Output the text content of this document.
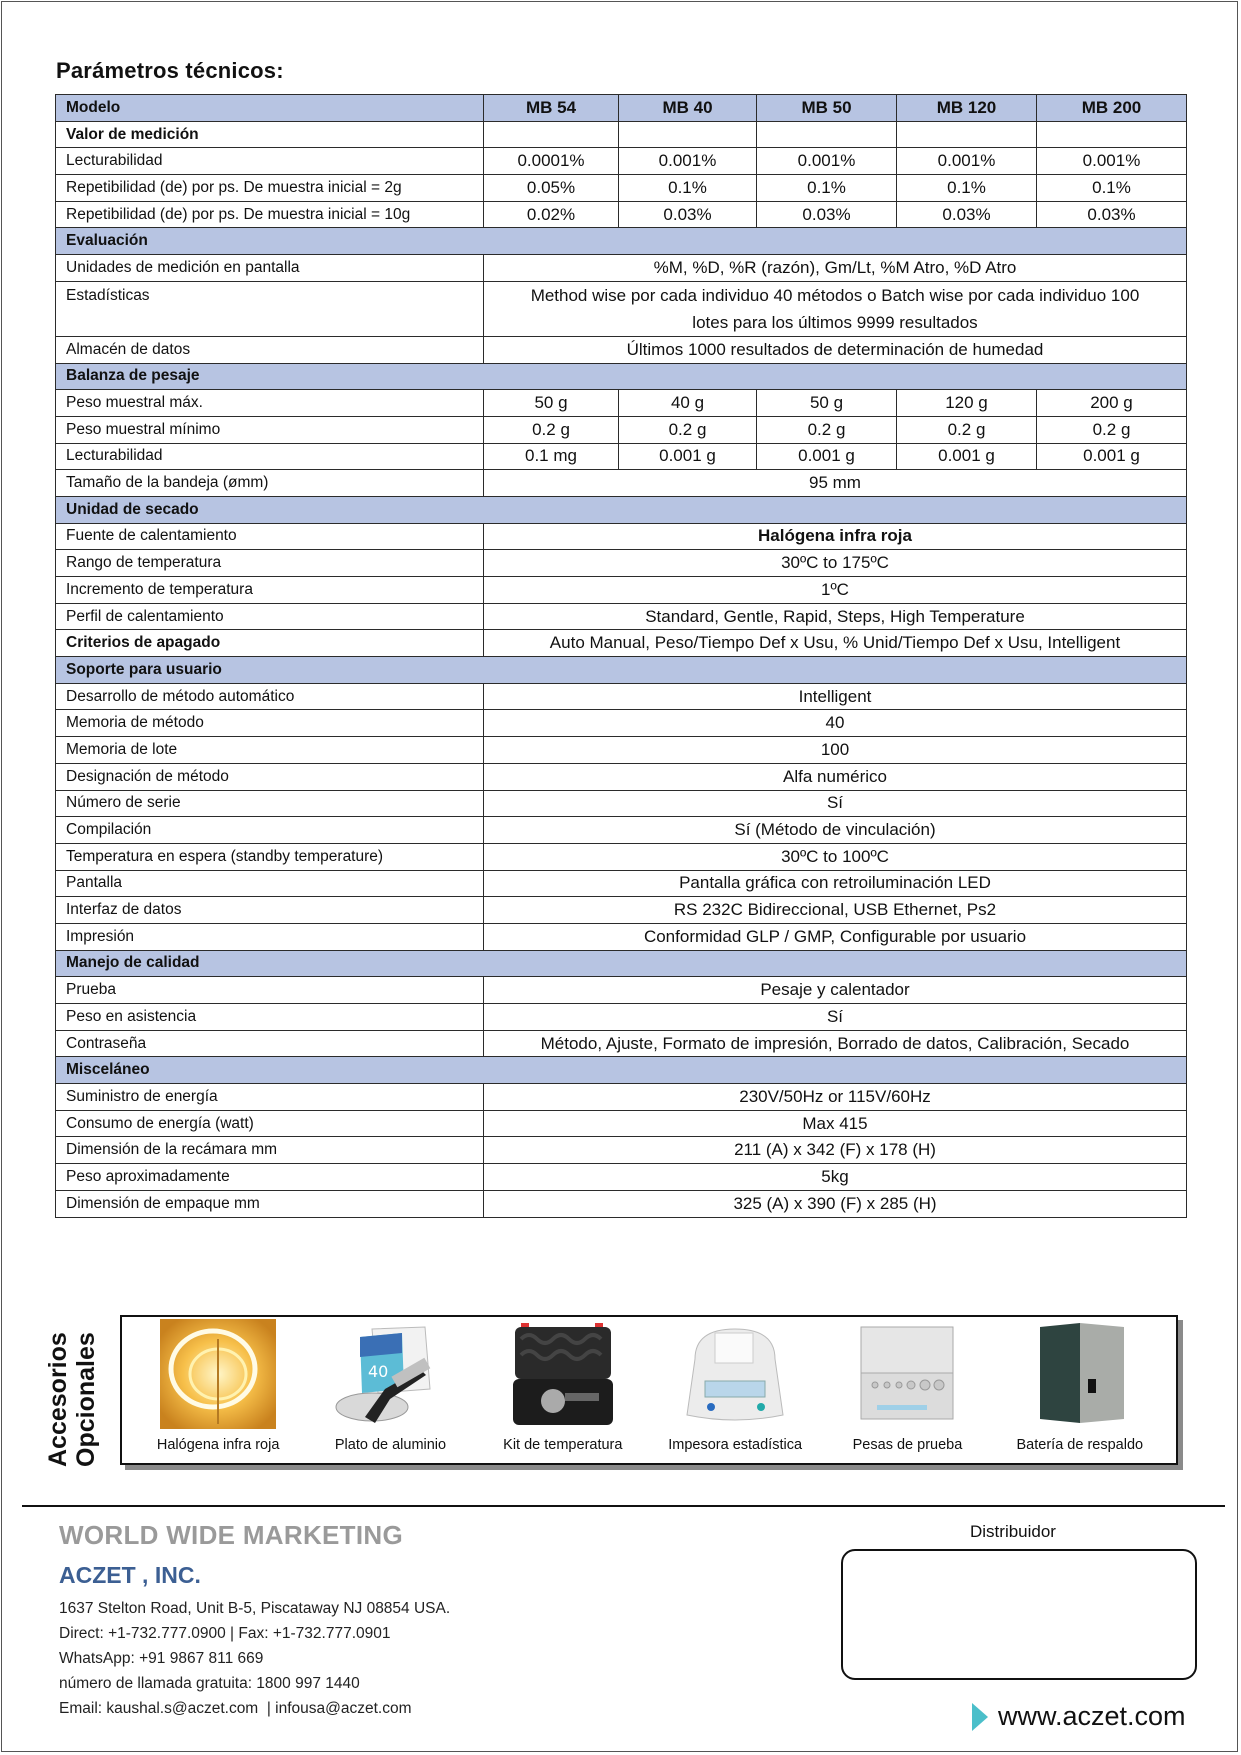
Parámetros técnicos:
Modelo	MB 54	MB 40	MB 50	MB 120	MB 200
Valor de medición					
Lecturabilidad	0.0001%	0.001%	0.001%	0.001%	0.001%
Repetibilidad (de) por ps. De muestra inicial = 2g	0.05%	0.1%	0.1%	0.1%	0.1%
Repetibilidad (de) por ps. De muestra inicial = 10g	0.02%	0.03%	0.03%	0.03%	0.03%
Evaluación					
Unidades de medición en pantalla	%M, %D, %R (razón), Gm/Lt, %M Atro, %D Atro				
Estadísticas	Method wise por cada individuo 40 métodos o Batch wise por cada individuo 100 lotes para los últimos 9999 resultados				
Almacén de datos	Últimos 1000 resultados de determinación de humedad				
Balanza de pesaje					
Peso muestral máx.	50 g	40 g	50 g	120 g	200 g
Peso muestral mínimo	0.2 g	0.2 g	0.2 g	0.2 g	0.2 g
Lecturabilidad	0.1 mg	0.001 g	0.001 g	0.001 g	0.001 g
Tamaño de la bandeja (ømm)	95 mm				
Unidad de secado					
Fuente de calentamiento	Halógena infra roja				
Rango de temperatura	30ºC to 175ºC				
Incremento de temperatura	1ºC				
Perfil de calentamiento	Standard, Gentle, Rapid, Steps, High Temperature				
Criterios de apagado	Auto Manual, Peso/Tiempo Def x Usu, % Unid/Tiempo Def x Usu, Intelligent				
Soporte para usuario					
Desarrollo de método automático	Intelligent				
Memoria de método	40				
Memoria de lote	100				
Designación de método	Alfa numérico				
Número de serie	Sí				
Compilación	Sí (Método de vinculación)				
Temperatura en espera (standby temperature)	30ºC to 100ºC				
Pantalla	Pantalla gráfica con retroiluminación LED				
Interfaz de datos	RS 232C Bidireccional, USB Ethernet, Ps2				
Impresión	Conformidad GLP / GMP, Configurable por usuario				
Manejo de calidad					
Prueba	Pesaje y calentador				
Peso en asistencia	Sí				
Contraseña	Método, Ajuste, Formato de impresión, Borrado de datos, Calibración, Secado				
Misceláneo					
Suministro de energía	230V/50Hz or 115V/60Hz				
Consumo de energía (watt)	Max 415				
Dimensión de la recámara mm	211 (A) x 342 (F) x 178 (H)				
Peso aproximadamente	5kg				
Dimensión de empaque mm	325 (A) x 390 (F) x 285 (H)				
Accesorios Opcionales	Halógena infra roja
40
Plato de aluminio	Kit de temperatura	Impesora estadística	Pesas de prueba	Batería de respaldo
WORLD WIDE MARKETING
ACZET , INC.
1637 Stelton Road, Unit B-5, Piscataway NJ 08854 USA.
Direct: +1-732.777.0900 | Fax: +1-732.777.0901
WhatsApp: +91 9867 811 669
número de llamada gratuita: 1800 997 1440
Email: kaushal.s@aczet.com  | infousa@aczet.com
Distribuidor
www.aczet.com
